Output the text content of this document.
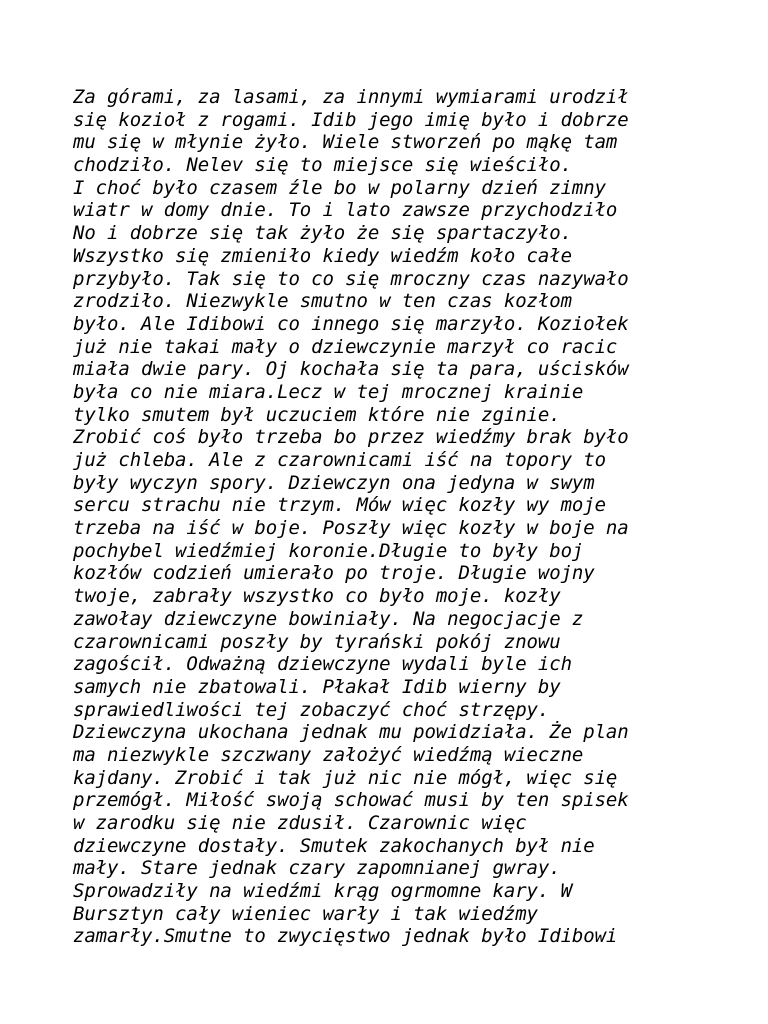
Za górami, za lasami, za innymi wymiarami urodził
się kozioł z rogami. Idib jego imię było i dobrze
mu się w młynie żyło. Wiele stworzeń po mąkę tam
chodziło. Nelev się to miejsce się wieściło.
I choć było czasem źle bo w polarny dzień zimny
wiatr w domy dnie. To i lato zawsze przychodziło
No i dobrze się tak żyło że się spartaczyło.
Wszystko się zmieniło kiedy wiedźm koło całe
przybyło. Tak się to co się mroczny czas nazywało
zrodziło. Niezwykle smutno w ten czas kozłom
było. Ale Idibowi co innego się marzyło. Koziołek
już nie takai mały o dziewczynie marzył co racic
miała dwie pary. Oj kochała się ta para, uścisków
była co nie miara.Lecz w tej mrocznej krainie
tylko smutem był uczuciem które nie zginie.
Zrobić coś było trzeba bo przez wiedźmy brak było
już chleba. Ale z czarownicami iść na topory to
były wyczyn spory. Dziewczyn ona jedyna w swym
sercu strachu nie trzym. Mów więc kozły wy moje
trzeba na iść w boje. Poszły więc kozły w boje na
pochybel wiedźmiej koronie.Długie to były boj
kozłów codzień umierało po troje. Długie wojny
twoje, zabrały wszystko co było moje. kozły
zawołay dziewczyne bowiniały. Na negocjacje z
czarownicami poszły by tyrański pokój znowu
zagościł. Odważną dziewczyne wydali byle ich
samych nie zbatowali. Płakał Idib wierny by
sprawiedliwości tej zobaczyć choć strzępy.
Dziewczyna ukochana jednak mu powidziała. Że plan
ma niezwykle szczwany założyć wiedźmą wieczne
kajdany. Zrobić i tak już nic nie mógł, więc się
przemógł. Miłość swoją schować musi by ten spisek
w zarodku się nie zdusił. Czarownic więc
dziewczyne dostały. Smutek zakochanych był nie
mały. Stare jednak czary zapomnianej gwray.
Sprowadziły na wiedźmi krąg ogrmomne kary. W
Bursztyn cały wieniec warły i tak wiedźmy
zamarły.Smutne to zwycięstwo jednak było Idibowi
